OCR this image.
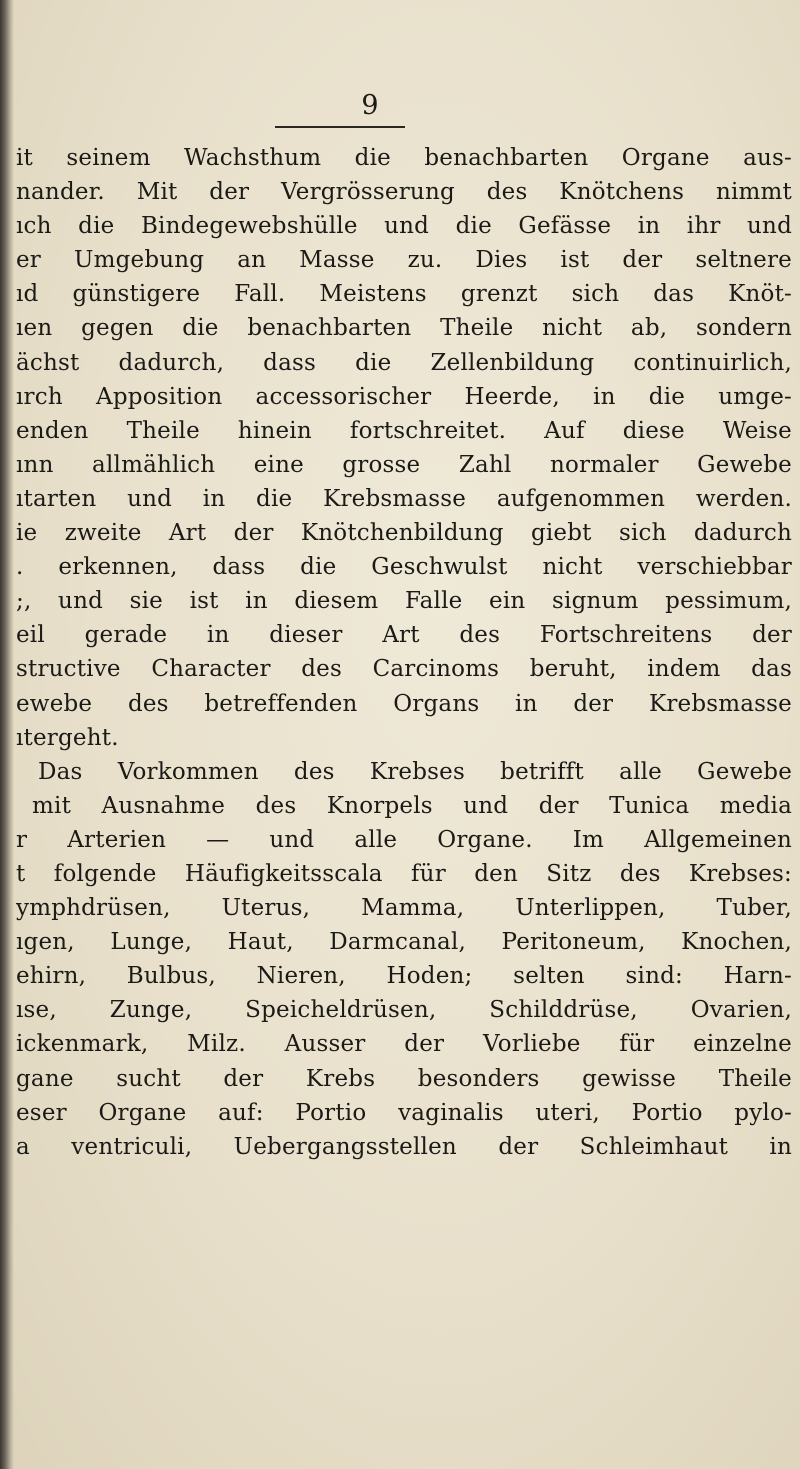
9
it seinem Wachsthum die benachbarten Organe aus-
nander. Mit der Vergrösserung des Knötchens nimmt
ıch die Bindegewebshülle und die Gefässe in ihr und
er Umgebung an Masse zu. Dies ist der seltnere
ıd günstigere Fall. Meistens grenzt sich das Knöt-
ıen gegen die benachbarten Theile nicht ab, sondern
ächst dadurch, dass die Zellenbildung continuirlich,
ırch Apposition accessorischer Heerde, in die umge-
enden Theile hinein fortschreitet. Auf diese Weise
ınn allmählich eine grosse Zahl normaler Gewebe
ıtarten und in die Krebsmasse aufgenommen werden.
ie zweite Art der Knötchenbildung giebt sich dadurch
. erkennen, dass die Geschwulst nicht verschiebbar
;, und sie ist in diesem Falle ein signum pessimum,
eil gerade in dieser Art des Fortschreitens der
structive Character des Carcinoms beruht, indem das
ewebe des betreffenden Organs in der Krebsmasse
ıtergeht.
Das Vorkommen des Krebses betrifft alle Gewebe
mit Ausnahme des Knorpels und der Tunica media
r Arterien — und alle Organe. Im Allgemeinen
t folgende Häufigkeitsscala für den Sitz des Krebses:
ymphdrüsen, Uterus, Mamma, Unterlippen, Tuber,
ıgen, Lunge, Haut, Darmcanal, Peritoneum, Knochen,
ehirn, Bulbus, Nieren, Hoden; selten sind: Harn-
ıse, Zunge, Speicheldrüsen, Schilddrüse, Ovarien,
ickenmark, Milz. Ausser der Vorliebe für einzelne
gane sucht der Krebs besonders gewisse Theile
eser Organe auf: Portio vaginalis uteri, Portio pylo-
a ventriculi, Uebergangsstellen der Schleimhaut in
